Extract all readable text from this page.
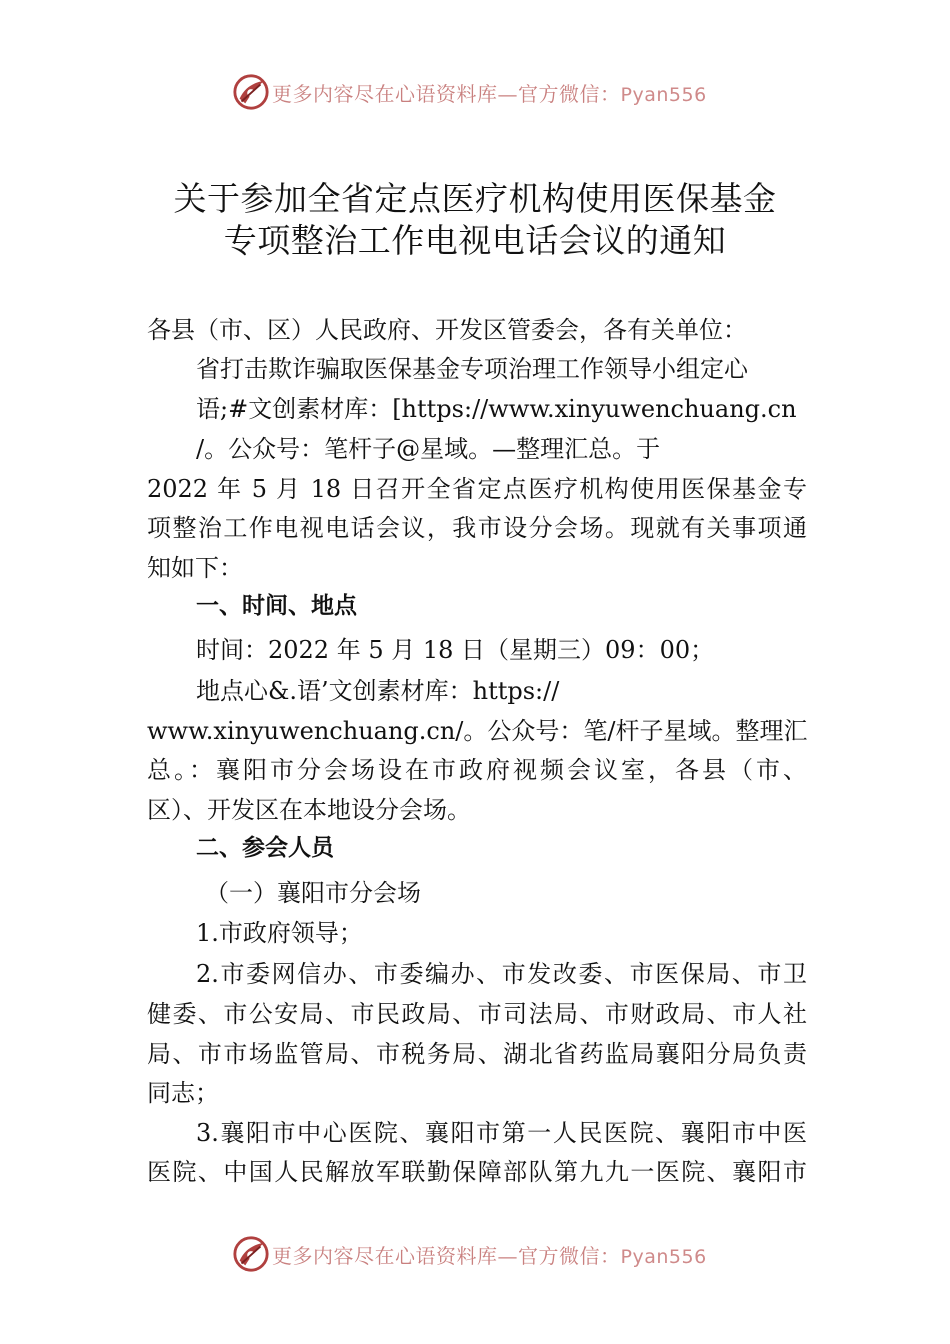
更多内容尽在心语资料库—官方微信：Pyan556
关于参加全省定点医疗机构使用医保基金
专项整治工作电视电话会议的通知
各县（市、区）人民政府、开发区管委会，各有关单位：
省打击欺诈骗取医保基金专项治理工作领导小组定心
语;#文创素材库：[https://www.xinyuwenchuang.cn
/。公众号：笔杆子@星域。—整理汇总。于
2022 年 5 月 18 日召开全省定点医疗机构使用医保基金专
项整治工作电视电话会议，我市设分会场。现就有关事项通
知如下：
一、时间、地点
时间：2022 年 5 月 18 日（星期三）09：00；
地点心&.语’文创素材库：https://
www.xinyuwenchuang.cn/。公众号：笔/杆子星域。整理汇
总。：襄阳市分会场设在市政府视频会议室，各县（市、
区）、开发区在本地设分会场。
二、参会人员
（一）襄阳市分会场
1.市政府领导；
2.市委网信办、市委编办、市发改委、市医保局、市卫
健委、市公安局、市民政局、市司法局、市财政局、市人社
局、市市场监管局、市税务局、湖北省药监局襄阳分局负责
同志；
3.襄阳市中心医院、襄阳市第一人民医院、襄阳市中医
医院、中国人民解放军联勤保障部队第九九一医院、襄阳市
更多内容尽在心语资料库—官方微信：Pyan556
